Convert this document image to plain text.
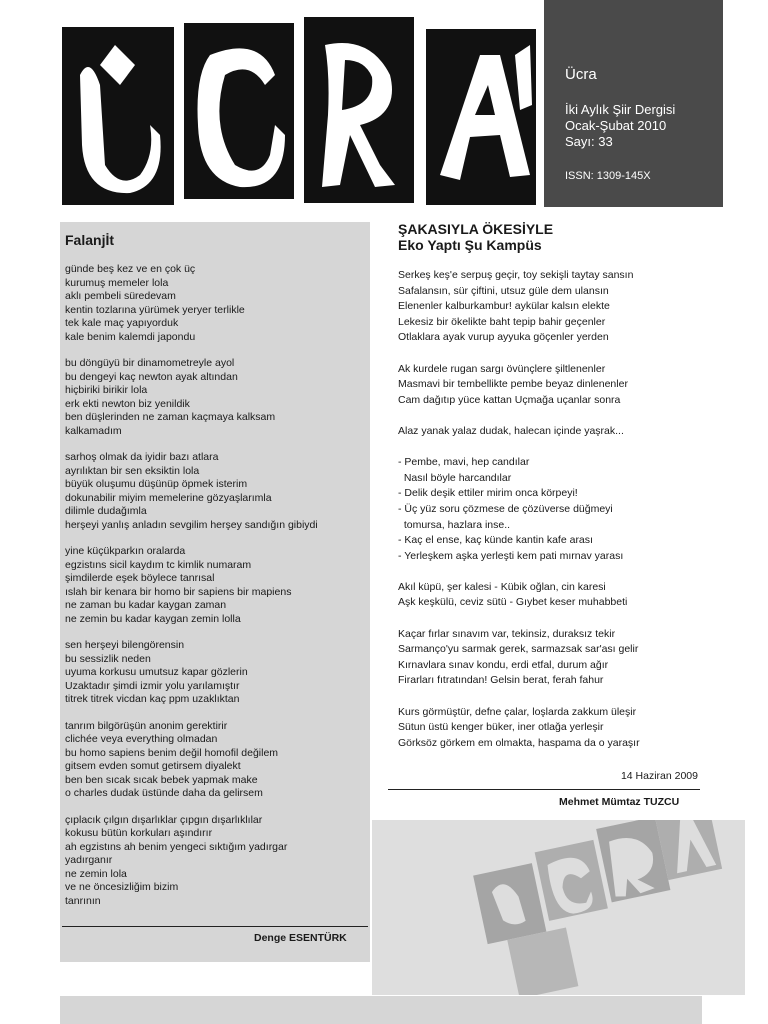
Ücra
İki Aylık Şiir Dergisi
Ocak-Şubat 2010
Sayı: 33
ISSN: 1309-145X
Falanjİt
günde beş kez ve en çok üç
kurumuş memeler lola
aklı pembeli süredevam
kentin tozlarına yürümek yeryer terlikle
tek kale maç yapıyorduk
kale benim kalemdi japondu
bu döngüyü bir dinamometreyle ayol
bu dengeyi kaç newton ayak altından
hiçbiriki birikir lola
erk ekti newton biz yenildik
ben düşlerinden ne zaman kaçmaya kalksam
kalkamadım
sarhoş olmak da iyidir bazı atlara
ayrılıktan bir sen eksiktin lola
büyük oluşumu düşünüp öpmek isterim
dokunabilir miyim memelerine gözyaşlarımla
dilimle dudağımla
herşeyi yanlış anladın sevgilim herşey sandığın gibiydi
yine küçükparkın oralarda
egzistıns sicil kaydım tc kimlik numaram
şimdilerde eşek böylece tanrısal
ıslah bir kenara bir homo bir sapiens bir mapiens
ne zaman bu kadar kaygan zaman
ne zemin bu kadar kaygan zemin lolla
sen herşeyi bilengörensin
bu sessizlik neden
uyuma korkusu umutsuz kapar gözlerin
Uzaktadır şimdi izmir yolu yarılamıştır
titrek titrek vicdan kaç ppm uzaklıktan
tanrım bilgörüşün anonim gerektirir
clichée veya everything olmadan
bu homo sapiens benim değil homofil değilem
gitsem evden somut getirsem diyalekt
ben ben sıcak sıcak bebek yapmak make
o charles dudak üstünde daha da gelirsem
çıplacık çılgın dışarlıklar çıpgın dışarlıklılar
kokusu bütün korkuları aşındırır
ah egzistıns ah benim yengeci sıktığım yadırgar
yadırganır
ne zemin lola
ve ne öncesizliğim bizim
tanrının
Denge ESENTÜRK
ŞAKASIYLA ÖKESİYLE
Eko Yaptı Şu Kampüs
Serkeş keş'e serpuş geçir, toy sekişli taytay sansın
Safalansın, sür çiftini, utsuz güle dem ulansın
Elenenler kalburkambur! aykülar kalsın elekte
Lekesiz bir ökelikte baht tepip bahir geçenler
Otlaklara ayak vurup ayyuka göçenler yerden
Ak kurdele rugan sargı övünçlere şiltlenenler
Masmavi bir tembellikte pembe beyaz dinlenenler
Cam dağıtıp yüce kattan Uçmağa uçanlar sonra
Alaz yanak yalaz dudak, halecan içinde yaşrak...
- Pembe, mavi, hep candılar
Nasıl böyle harcandılar
- Delik deşik ettiler mirim onca körpeyi!
- Üç yüz soru çözmese de çözüverse düğmeyi
tomursa, hazlara inse..
- Kaç el ense, kaç künde kantin kafe arası
- Yerleşkem aşka yerleşti kem pati mırnav yarası
Akıl küpü, şer kalesi - Kübik oğlan, cin karesi
Aşk keşkülü, ceviz sütü - Gıybet keser muhabbeti
Kaçar fırlar sınavım var, tekinsiz, duraksız tekir
Sarmanço'yu sarmak gerek, sarmazsak sar'ası gelir
Kırnavlara sınav kondu, erdi etfal, durum ağır
Firarları fıtratından! Gelsin berat, ferah fahur
Kurs görmüştür, defne çalar, loşlarda zakkum üleşir
Sütun üstü kenger büker, iner otlağa yerleşir
Görksöz görkem em olmakta, haspama da o yaraşır
14 Haziran 2009
Mehmet Mümtaz TUZCU
